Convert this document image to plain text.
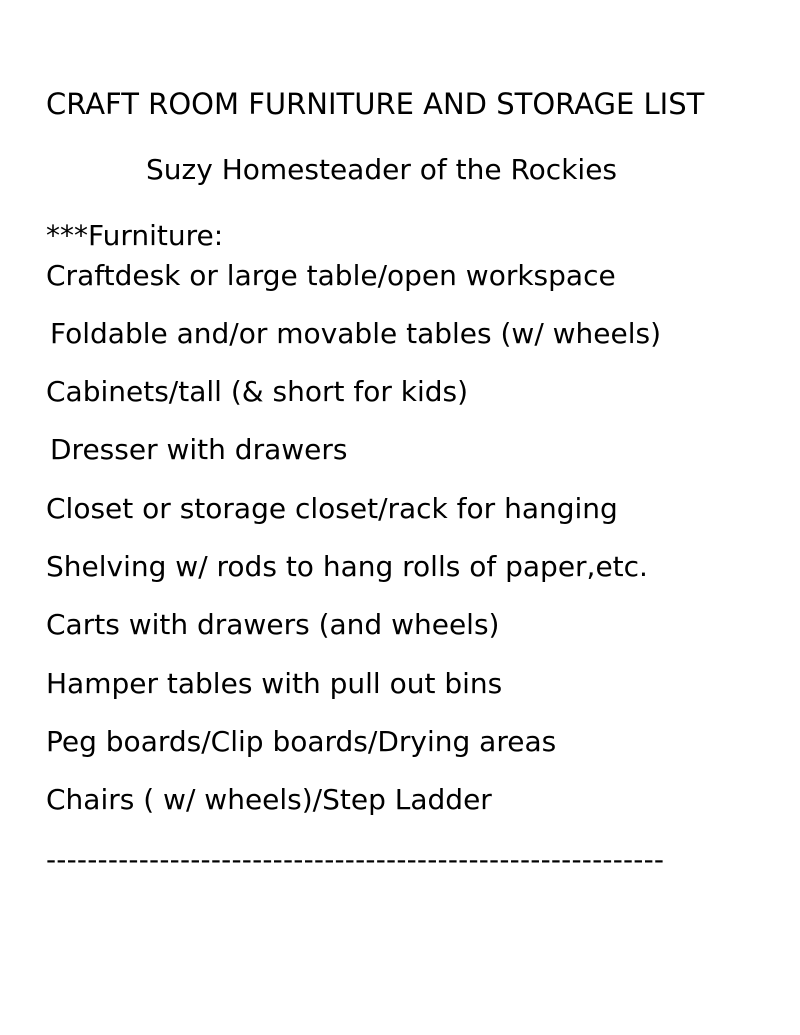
CRAFT ROOM FURNITURE AND STORAGE LIST
Suzy Homesteader of the Rockies
***Furniture:
Craftdesk or large table/open workspace
Foldable and/or movable tables (w/ wheels)
Cabinets/tall (& short for kids)
Dresser with drawers
Closet or storage closet/rack for hanging
Shelving w/ rods to hang rolls of paper,etc.
Carts with drawers (and wheels)
Hamper tables with pull out bins
Peg boards/Clip boards/Drying areas
Chairs ( w/ wheels)/Step Ladder
------------------------------------------------------------
